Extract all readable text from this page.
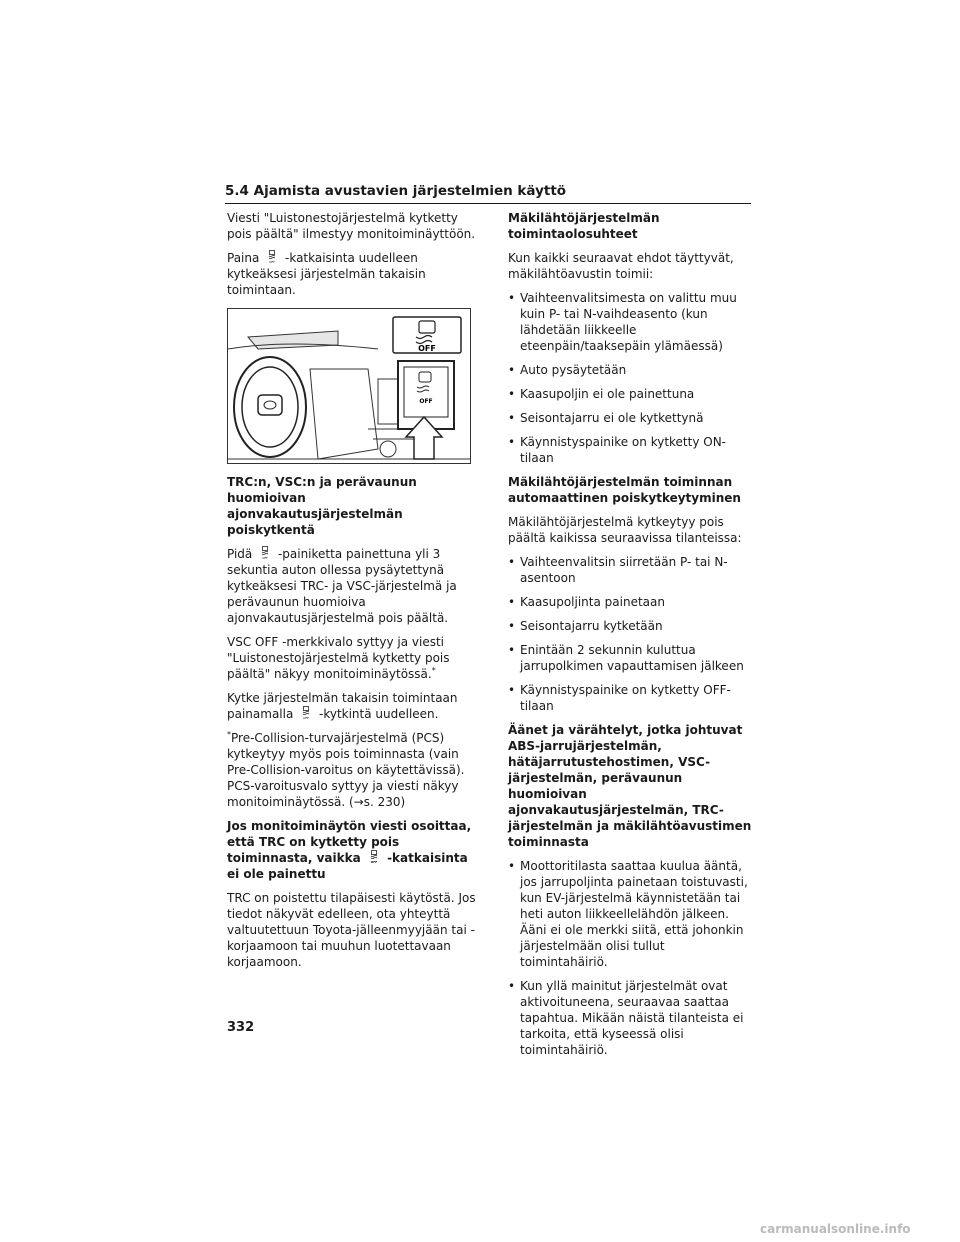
5.4 Ajamista avustavien järjestelmien käyttö

Viesti "Luistonestojärjestelmä kytketty pois päältä" ilmestyy monitoiminäyttöön.

Paina	OFF -katkaisinta uudelleen kytkeäksesi järjestelmän takaisin toimintaan.

OFF
OFF

TRC:n, VSC:n ja perävaunun huomioivan ajonvakautusjärjestelmän poiskytkentä

Pidä	OFF -painiketta painettuna yli 3 sekuntia auton ollessa pysäytettynä kytkeäksesi TRC- ja VSC-järjestelmä ja perävaunun huomioiva ajonvakautusjärjestelmä pois päältä.

VSC OFF -merkkivalo syttyy ja viesti "Luistonestojärjestelmä kytketty pois päältä" näkyy monitoiminäytössä.*

Kytke järjestelmän takaisin toimintaan painamalla	OFF -kytkintä uudelleen.

*Pre-Collision-turvajärjestelmä (PCS) kytkeytyy myös pois toiminnasta (vain Pre-Collision-varoitus on käytettävissä). PCS-varoitusvalo syttyy ja viesti näkyy monitoiminäytössä. (→s. 230)

Jos monitoiminäytön viesti osoittaa, että TRC on kytketty pois toiminnasta, vaikka	OFF -katkaisinta ei ole painettu

TRC on poistettu tilapäisesti käytöstä. Jos tiedot näkyvät edelleen, ota yhteyttä valtuutettuun Toyota-jälleenmyyjään tai -korjaamoon tai muuhun luotettavaan korjaamoon.

Mäkilähtöjärjestelmän toimintaolosuhteet

Kun kaikki seuraavat ehdot täyttyvät, mäkilähtöavustin toimii:

• Vaihteenvalitsimesta on valittu muu kuin P- tai N-vaihdeasento (kun lähdetään liikkeelle eteenpäin/taaksepäin ylämäessä)
• Auto pysäytetään
• Kaasupoljin ei ole painettuna
• Seisontajarru ei ole kytkettynä
• Käynnistyspainike on kytketty ON-tilaan

Mäkilähtöjärjestelmän toiminnan automaattinen poiskytkeytyminen

Mäkilähtöjärjestelmä kytkeytyy pois päältä kaikissa seuraavissa tilanteissa:

• Vaihteenvalitsin siirretään P- tai N-asentoon
• Kaasupoljinta painetaan
• Seisontajarru kytketään
• Enintään 2 sekunnin kuluttua jarrupolkimen vapauttamisen jälkeen
• Käynnistyspainike on kytketty OFF-tilaan

Äänet ja värähtelyt, jotka johtuvat ABS-jarrujärjestelmän, hätäjarrutustehostimen, VSC-järjestelmän, perävaunun huomioivan ajonvakautusjärjestelmän, TRC-järjestelmän ja mäkilähtöavustimen toiminnasta

• Moottoritilasta saattaa kuulua ääntä, jos jarrupoljinta painetaan toistuvasti, kun EV-järjestelmä käynnistetään tai heti auton liikkeellelähdön jälkeen. Ääni ei ole merkki siitä, että johonkin järjestelmään olisi tullut toimintahäiriö.
• Kun yllä mainitut järjestelmät ovat aktivoituneena, seuraavaa saattaa tapahtua. Mikään näistä tilanteista ei tarkoita, että kyseessä olisi toimintahäiriö.
332
carmanualsonline.info
